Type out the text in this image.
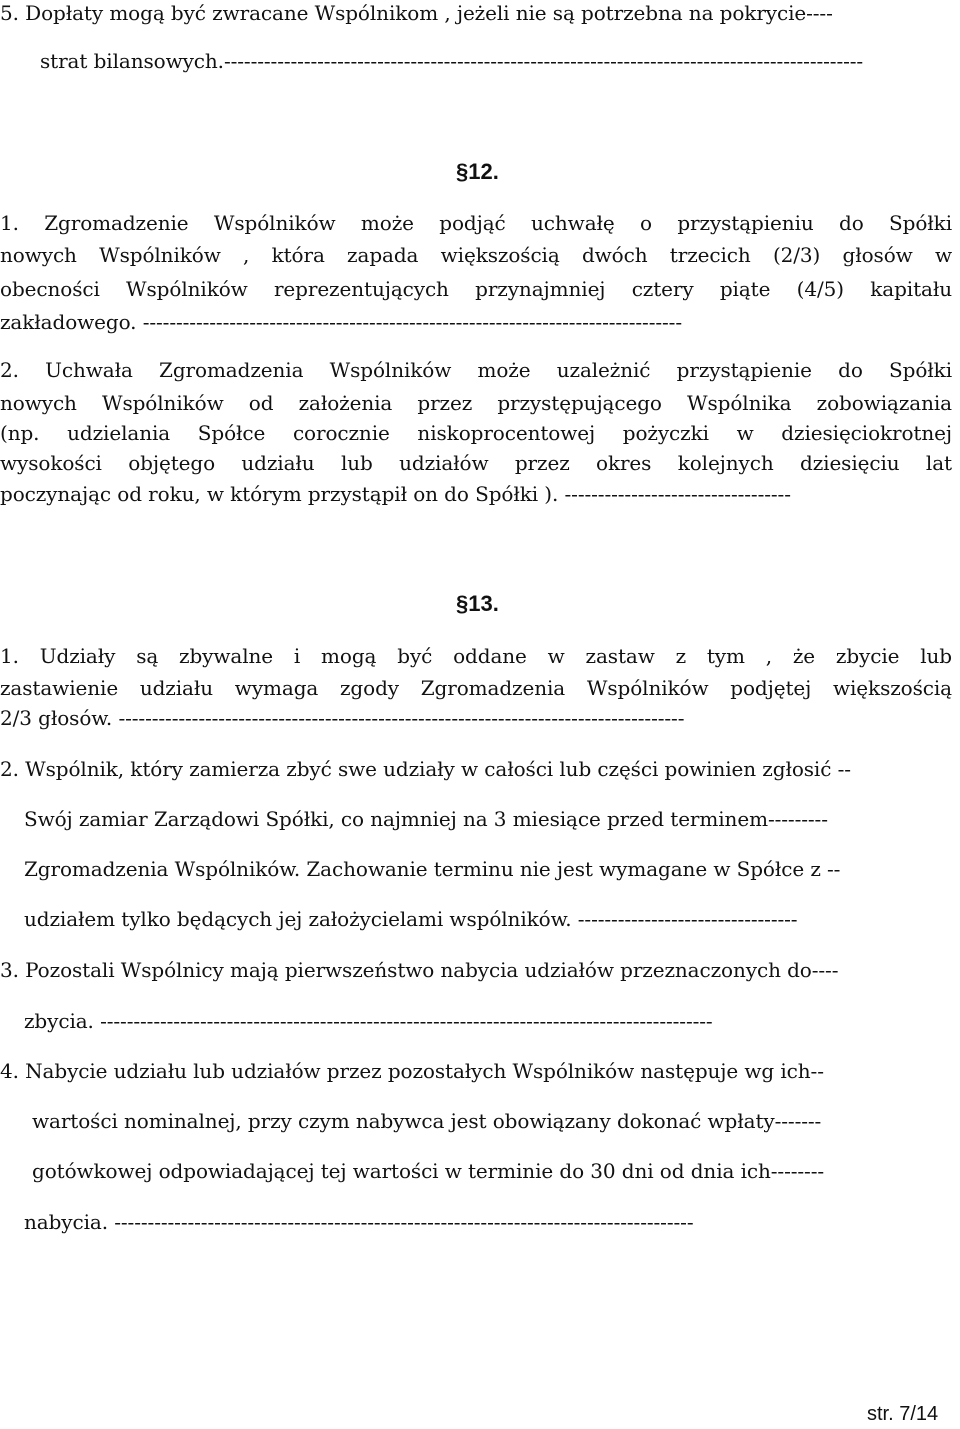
5. Dopłaty mogą być zwracane Wspólnikom , jeżeli nie są potrzebna na pokrycie----
strat bilansowych.------------------------------------------------------------------------------------------------
§12.
1. Zgromadzenie Wspólników może podjąć uchwałę o przystąpieniu do Spółki
nowych Wspólników , która zapada większością dwóch trzecich (2/3) głosów w
obecności Wspólników reprezentujących przynajmniej cztery piąte (4/5) kapitału
zakładowego. ---------------------------------------------------------------------------------
2. Uchwała Zgromadzenia Wspólników może uzależnić przystąpienie do Spółki
nowych Wspólników od założenia przez przystępującego Wspólnika zobowiązania
(np. udzielania Spółce corocznie niskoprocentowej pożyczki w dziesięciokrotnej
wysokości objętego udziału lub udziałów przez okres kolejnych dziesięciu lat
poczynając od roku, w którym przystąpił on do Spółki ). ----------------------------------
§13.
1. Udziały są zbywalne i mogą być oddane w zastaw z tym , że zbycie lub
zastawienie udziału wymaga zgody Zgromadzenia Wspólników podjętej większością
2/3 głosów. -------------------------------------------------------------------------------------
2. Wspólnik, który zamierza zbyć swe udziały w całości lub części powinien zgłosić --
Swój zamiar Zarządowi Spółki, co najmniej na 3 miesiące przed terminem---------
Zgromadzenia Wspólników. Zachowanie terminu nie jest wymagane w Spółce z --
udziałem tylko będących jej założycielami wspólników. ---------------------------------
3. Pozostali Wspólnicy mają pierwszeństwo nabycia udziałów przeznaczonych do----
zbycia. --------------------------------------------------------------------------------------------
4. Nabycie udziału lub udziałów przez pozostałych Wspólników następuje wg ich--
wartości nominalnej, przy czym nabywca jest obowiązany dokonać wpłaty-------
gotówkowej odpowiadającej tej wartości w terminie do 30 dni od dnia ich--------
nabycia. ---------------------------------------------------------------------------------------
str. 7/14
